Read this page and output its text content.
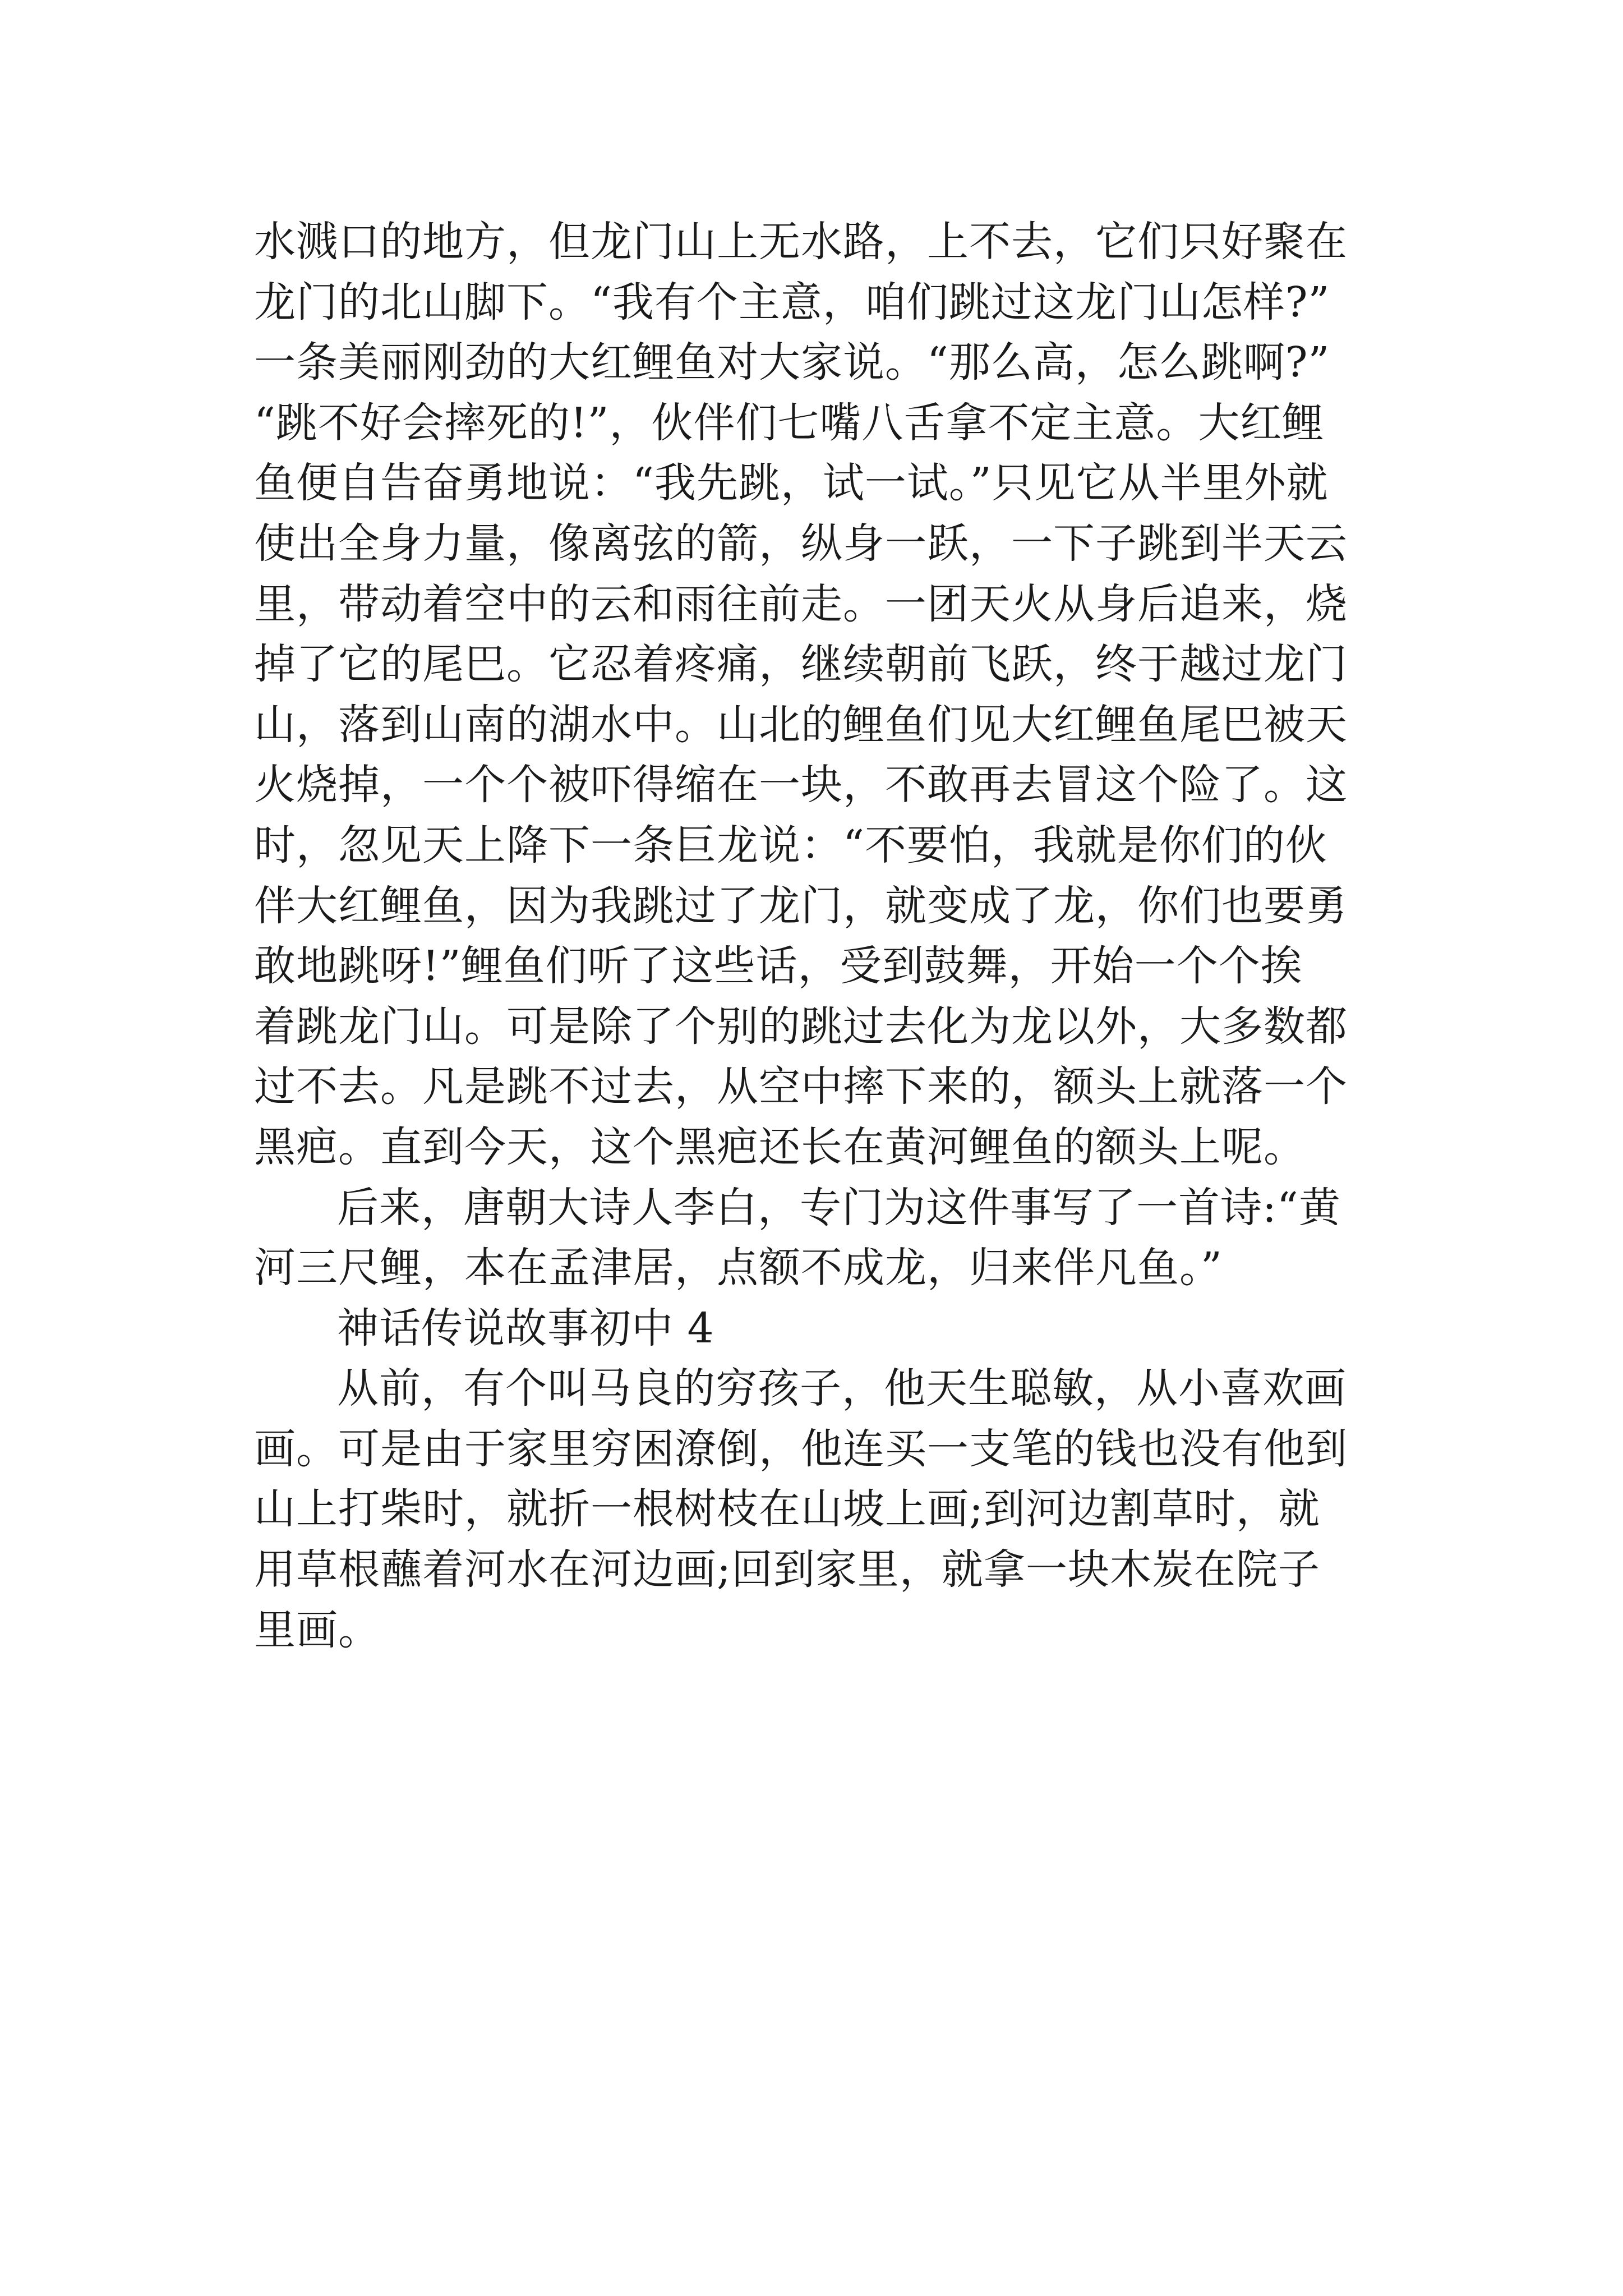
水溅口的地方，但龙门山上无水路，上不去，它们只好聚在
龙门的北山脚下。“我有个主意，咱们跳过这龙门山怎样?”
一条美丽刚劲的大红鲤鱼对大家说。“那么高，怎么跳啊?”
“跳不好会摔死的!”，伙伴们七嘴八舌拿不定主意。大红鲤
鱼便自告奋勇地说：“我先跳，试一试。”只见它从半里外就
使出全身力量，像离弦的箭，纵身一跃，一下子跳到半天云
里，带动着空中的云和雨往前走。一团天火从身后追来，烧
掉了它的尾巴。它忍着疼痛，继续朝前飞跃，终于越过龙门
山，落到山南的湖水中。山北的鲤鱼们见大红鲤鱼尾巴被天
火烧掉，一个个被吓得缩在一块，不敢再去冒这个险了。这
时，忽见天上降下一条巨龙说：“不要怕，我就是你们的伙
伴大红鲤鱼，因为我跳过了龙门，就变成了龙，你们也要勇
敢地跳呀!”鲤鱼们听了这些话，受到鼓舞，开始一个个挨
着跳龙门山。可是除了个别的跳过去化为龙以外，大多数都
过不去。凡是跳不过去，从空中摔下来的，额头上就落一个
黑疤。直到今天，这个黑疤还长在黄河鲤鱼的额头上呢。
后来，唐朝大诗人李白，专门为这件事写了一首诗:“黄
河三尺鲤，本在孟津居，点额不成龙，归来伴凡鱼。”
神话传说故事初中 4
从前，有个叫马良的穷孩子，他天生聪敏，从小喜欢画
画。可是由于家里穷困潦倒，他连买一支笔的钱也没有他到
山上打柴时，就折一根树枝在山坡上画;到河边割草时，就
用草根蘸着河水在河边画;回到家里，就拿一块木炭在院子
里画。
